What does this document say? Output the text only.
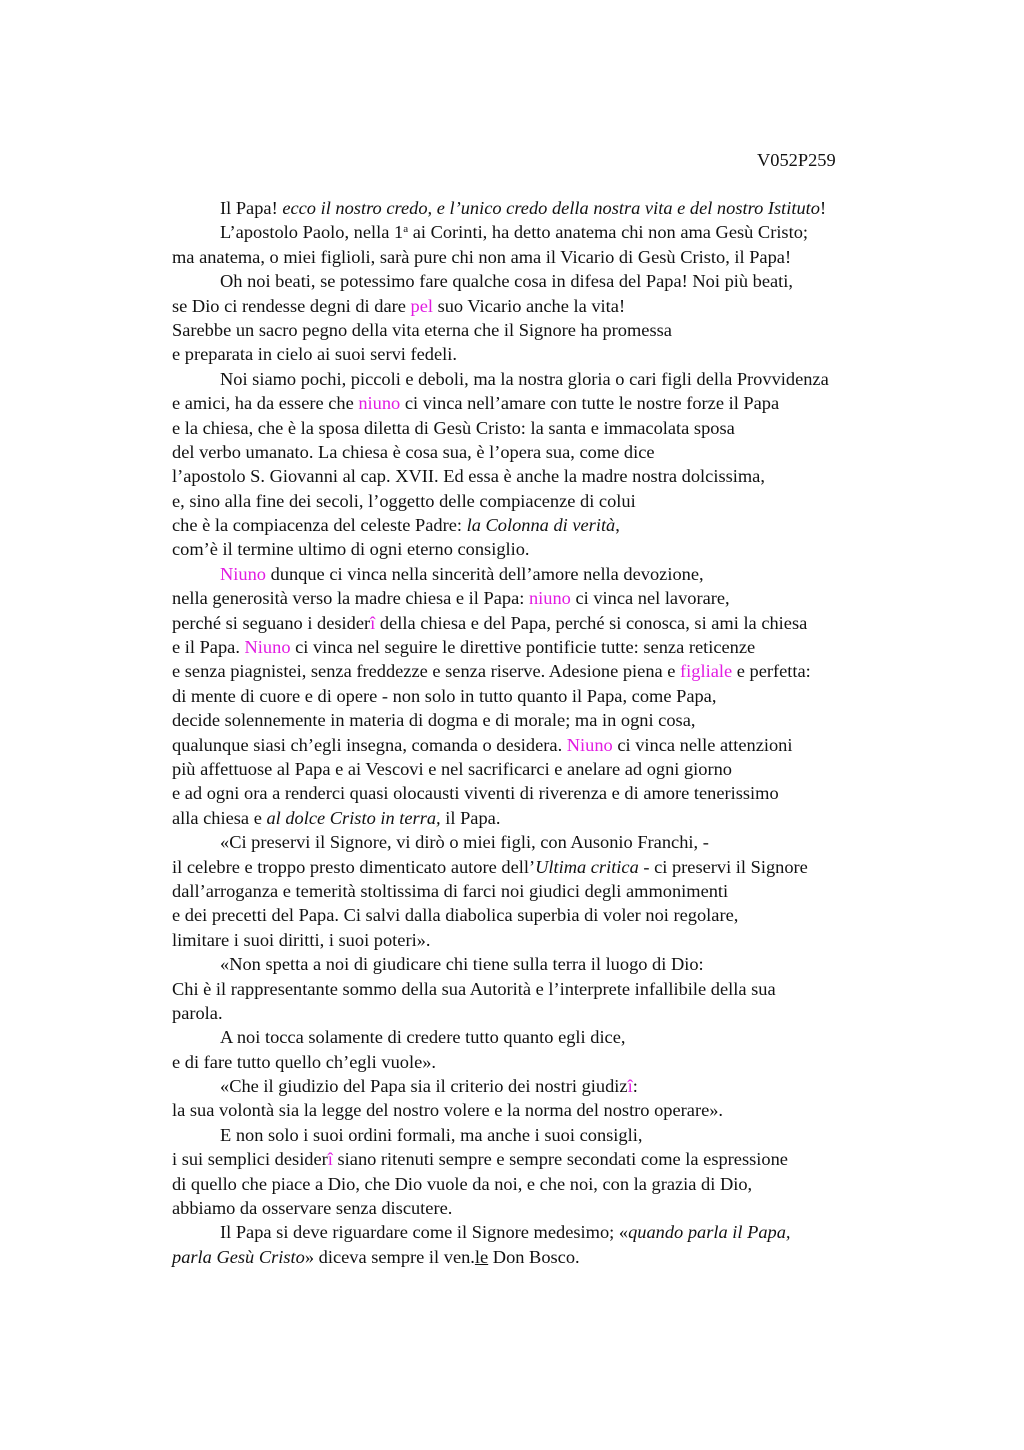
V052P259
Il Papa! ecco il nostro credo, e l’unico credo della nostra vita e del nostro Istituto!
L’apostolo Paolo, nella 1$^a$ ai Corinti, ha detto anatema chi non ama Gesù Cristo;
ma anatema, o miei figlioli, sarà pure chi non ama il Vicario di Gesù Cristo, il Papa!
Oh noi beati, se potessimo fare qualche cosa in difesa del Papa! Noi più beati,
se Dio ci rendesse degni di dare pel suo Vicario anche la vita!
Sarebbe un sacro pegno della vita eterna che il Signore ha promessa
e preparata in cielo ai suoi servi fedeli.
Noi siamo pochi, piccoli e deboli, ma la nostra gloria o cari figli della Provvidenza
e amici, ha da essere che niuno ci vinca nell’amare con tutte le nostre forze il Papa
e la chiesa, che è la sposa diletta di Gesù Cristo: la santa e immacolata sposa
del verbo umanato. La chiesa è cosa sua, è l’opera sua, come dice
l’apostolo S. Giovanni al cap. XVII. Ed essa è anche la madre nostra dolcissima,
e, sino alla fine dei secoli, l’oggetto delle compiacenze di colui
che è la compiacenza del celeste Padre: la Colonna di verità,
com’è il termine ultimo di ogni eterno consiglio.
Niuno dunque ci vinca nella sincerità dell’amore nella devozione,
nella generosità verso la madre chiesa e il Papa: niuno ci vinca nel lavorare,
perché si seguano i desiderî della chiesa e del Papa, perché si conosca, si ami la chiesa
e il Papa. Niuno ci vinca nel seguire le direttive pontificie tutte: senza reticenze
e senza piagnistei, senza freddezze e senza riserve. Adesione piena e figliale e perfetta:
di mente di cuore e di opere - non solo in tutto quanto il Papa, come Papa,
decide solennemente in materia di dogma e di morale; ma in ogni cosa,
qualunque siasi ch’egli insegna, comanda o desidera. Niuno ci vinca nelle attenzioni
più affettuose al Papa e ai Vescovi e nel sacrificarci e anelare ad ogni giorno
e ad ogni ora a renderci quasi olocausti viventi di riverenza e di amore tenerissimo
alla chiesa e al dolce Cristo in terra, il Papa.
«Ci preservi il Signore, vi dirò o miei figli, con Ausonio Franchi, -
il celebre e troppo presto dimenticato autore dell’Ultima critica - ci preservi il Signore
dall’arroganza e temerità stoltissima di farci noi giudici degli ammonimenti
e dei precetti del Papa. Ci salvi dalla diabolica superbia di voler noi regolare,
limitare i suoi diritti, i suoi poteri».
«Non spetta a noi di giudicare chi tiene sulla terra il luogo di Dio:
Chi è il rappresentante sommo della sua Autorità e l’interprete infallibile della sua
parola.
A noi tocca solamente di credere tutto quanto egli dice,
e di fare tutto quello ch’egli vuole».
«Che il giudizio del Papa sia il criterio dei nostri giudizî:
la sua volontà sia la legge del nostro volere e la norma del nostro operare».
E non solo i suoi ordini formali, ma anche i suoi consigli,
i sui semplici desiderî siano ritenuti sempre e sempre secondati come la espressione
di quello che piace a Dio, che Dio vuole da noi, e che noi, con la grazia di Dio,
abbiamo da osservare senza discutere.
Il Papa si deve riguardare come il Signore medesimo; «quando parla il Papa,
parla Gesù Cristo» diceva sempre il ven.le Don Bosco.
